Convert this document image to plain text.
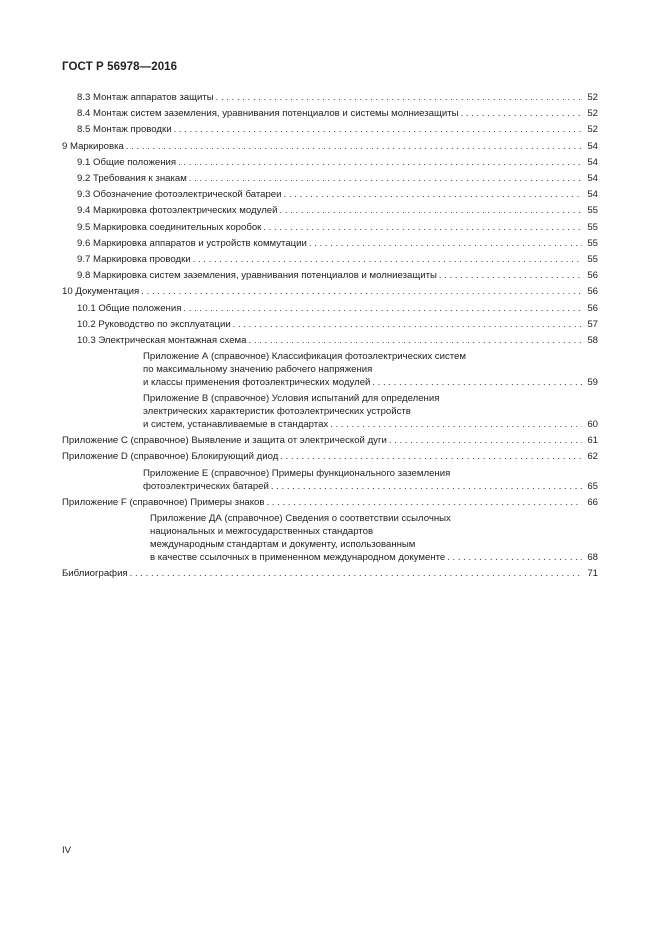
ГОСТ Р 56978—2016
8.3 Монтаж аппаратов защиты . . .	52
8.4 Монтаж систем заземления, уравнивания потенциалов и системы молниезащиты . . .	52
8.5 Монтаж проводки . . .	52
9 Маркировка . . .	54
9.1 Общие положения . . .	54
9.2 Требования к знакам . . .	54
9.3 Обозначение фотоэлектрической батареи . . .	54
9.4 Маркировка фотоэлектрических модулей . . .	55
9.5 Маркировка соединительных коробок . . .	55
9.6 Маркировка аппаратов и устройств коммутации . . .	55
9.7 Маркировка проводки . . .	55
9.8 Маркировка систем заземления, уравнивания потенциалов и молниезащиты . . .	56
10 Документация . . .	56
10.1 Общие положения . . .	56
10.2 Руководство по эксплуатации . . .	57
10.3 Электрическая монтажная схема . . .	58
Приложение А (справочное) Классификация фотоэлектрических систем
по максимальному значению рабочего напряжения
и классы применения фотоэлектрических модулей . . .	59
Приложение В (справочное) Условия испытаний для определения
электрических характеристик фотоэлектрических устройств
и систем, устанавливаемые в стандартах . . .	60
Приложение С (справочное) Выявление и защита от электрической дуги . . .	61
Приложение D (справочное) Блокирующий диод . . .	62
Приложение Е (справочное) Примеры функционального заземления
фотоэлектрических батарей . . .	65
Приложение F (справочное) Примеры знаков . . .	66
Приложение ДА (справочное) Сведения о соответствии ссылочных
национальных и межгосударственных стандартов
международным стандартам и документу, использованным
в качестве ссылочных в примененном международном документе . . .	68
Библиография . . .	71
IV
